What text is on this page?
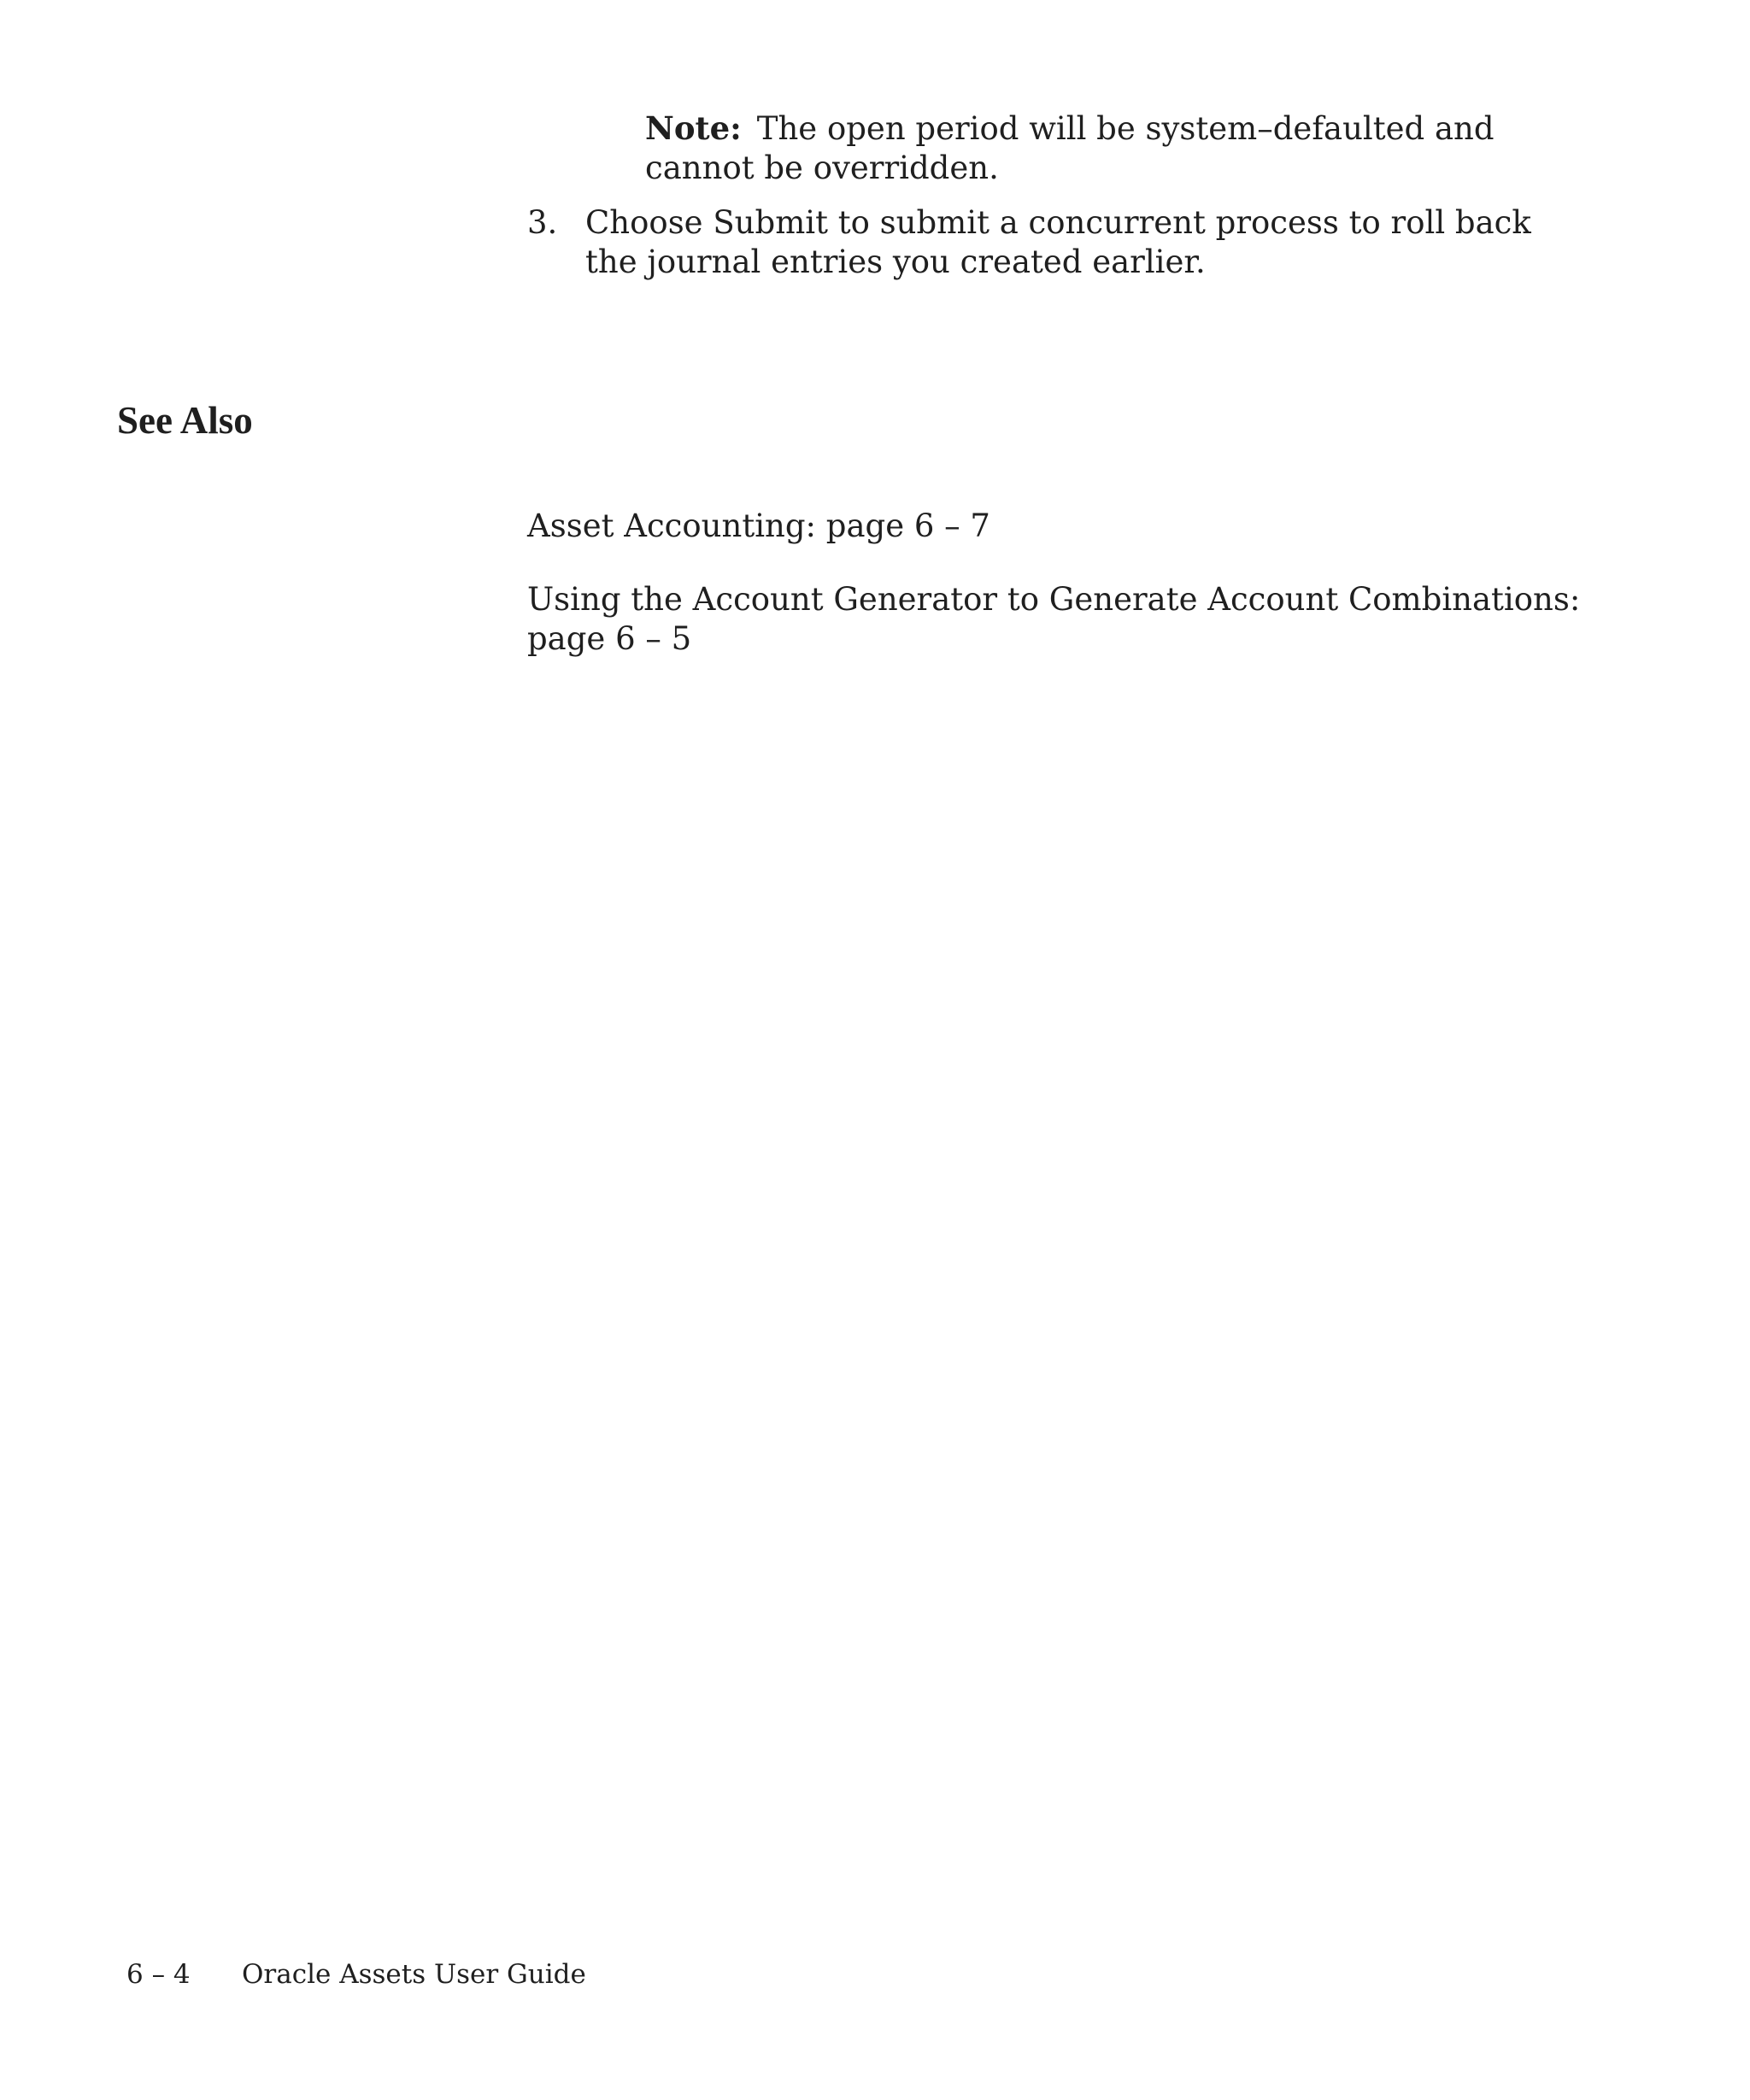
Note: The open period will be system–defaulted and cannot be overridden.
3. Choose Submit to submit a concurrent process to roll back the journal entries you created earlier.
See Also
Asset Accounting: page 6 – 7
Using the Account Generator to Generate Account Combinations: page 6 – 5
6 – 4 Oracle Assets User Guide
